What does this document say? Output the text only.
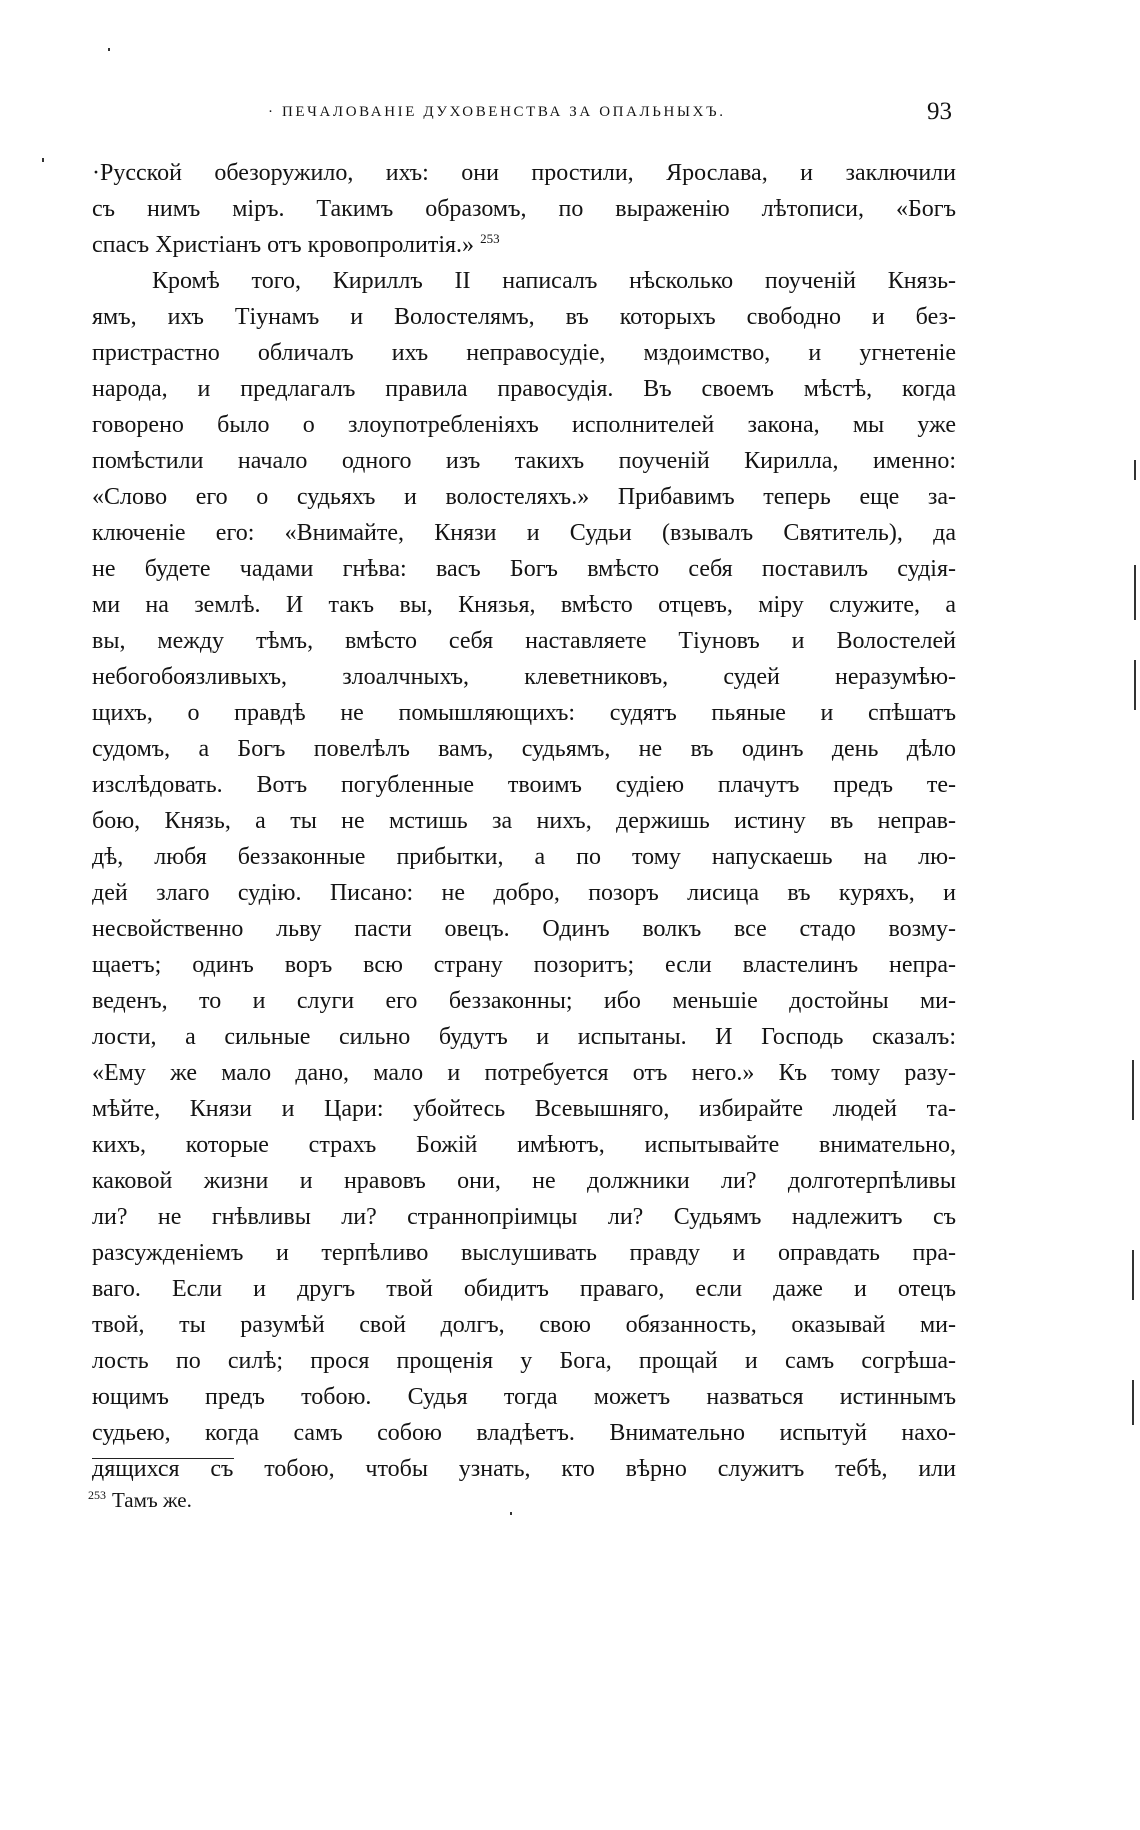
· ПЕЧАЛОВАНІЕ ДУХОВЕНСТВА ЗА ОПАЛЬНЫХЪ.	93
·Русской обезоружило, ихъ: они простили, Ярослава, и заключили
съ нимъ міръ. Такимъ образомъ, по выраженію лѣтописи, «Богъ
спасъ Христіанъ отъ кровопролитія.» $^{253}$
Кромѣ того, Кириллъ II написалъ нѣсколько поученій Князь-
ямъ, ихъ Тіунамъ и Волостелямъ, въ которыхъ свободно и без-
пристрастно обличалъ ихъ неправосудіе, мздоимство, и угнетеніе
народа, и предлагалъ правила правосудія. Въ своемъ мѣстѣ, когда
говорено было о злоупотребленіяхъ исполнителей закона, мы уже
помѣстили начало одного изъ такихъ поученій Кирилла, именно:
«Слово его о судьяхъ и волостеляхъ.» Прибавимъ теперь еще за-
ключеніе его: «Внимайте, Князи и Судьи (взывалъ Святитель), да
не будете чадами гнѣва: васъ Богъ вмѣсто себя поставилъ судія-
ми на землѣ. И такъ вы, Князья, вмѣсто отцевъ, міру служите, а
вы, между тѣмъ, вмѣсто себя наставляете Тіуновъ и Волостелей
небогобоязливыхъ, злоалчныхъ, клеветниковъ, судей неразумѣю-
щихъ, о правдѣ не помышляющихъ: судятъ пьяные и спѣшатъ
судомъ, а Богъ повелѣлъ вамъ, судьямъ, не въ одинъ день дѣло
изслѣдовать. Вотъ погубленные твоимъ судіею плачутъ предъ те-
бою, Князь, а ты не мстишь за нихъ, держишь истину въ неправ-
дѣ, любя беззаконные прибытки, а по тому напускаешь на лю-
дей злаго судію. Писано: не добро, позоръ лисица въ куряхъ, и
несвойственно льву пасти овецъ. Одинъ волкъ все стадо возму-
щаетъ; одинъ воръ всю страну позоритъ; если властелинъ непра-
веденъ, то и слуги его беззаконны; ибо меньшіе достойны ми-
лости, а сильные сильно будутъ и испытаны. И Господь сказалъ:
«Ему же мало дано, мало и потребуется отъ него.» Къ тому разу-
мѣйте, Князи и Цари: убойтесь Всевышняго, избирайте людей та-
кихъ, которые страхъ Божій имѣютъ, испытывайте внимательно,
каковой жизни и нравовъ они, не должники ли? долготерпѣливы
ли? не гнѣвливы ли? страннопріимцы ли? Судьямъ надлежитъ съ
разсужденіемъ и терпѣливо выслушивать правду и оправдать пра-
ваго. Если и другъ твой обидитъ праваго, если даже и отецъ
твой, ты разумѣй свой долгъ, свою обязанность, оказывай ми-
лость по силѣ; прося прощенія у Бога, прощай и самъ согрѣша-
ющимъ предъ тобою. Судья тогда можетъ назваться истиннымъ
судьею, когда самъ собою владѣетъ. Внимательно испытуй нахо-
дящихся съ тобою, чтобы узнать, кто вѣрно служитъ тебѣ, или
$^{253}$ Тамъ же.
